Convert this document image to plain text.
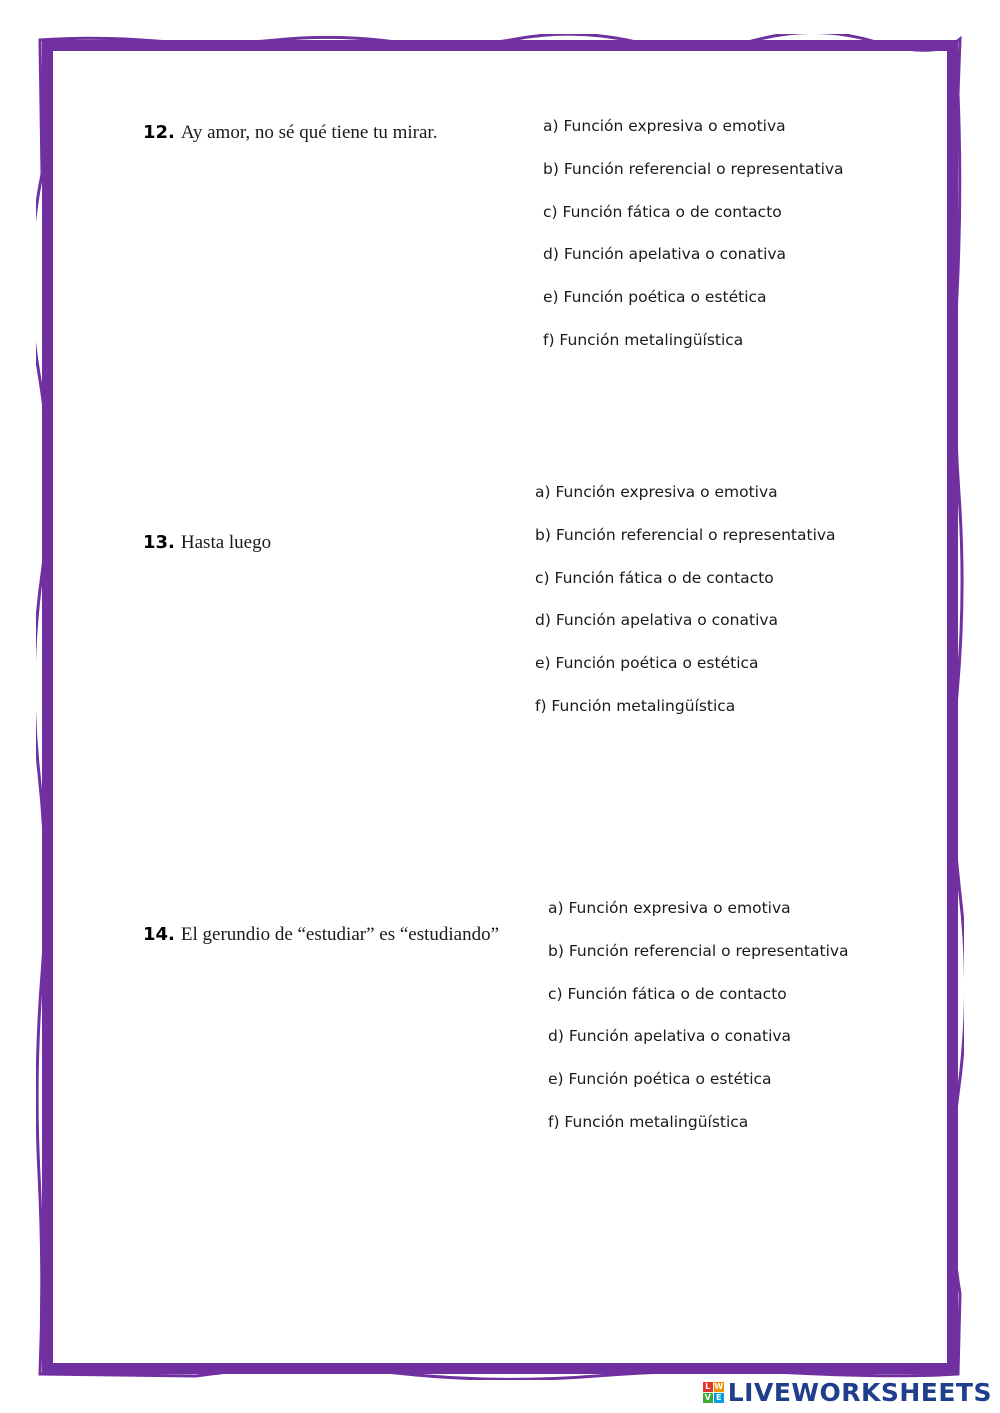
12. Ay amor, no sé qué tiene tu mirar.	a) Función expresiva o emotiva
b) Función referencial o representativa
c) Función fática o de contacto
d) Función apelativa o conativa
e) Función poética o estética
f) Función metalingüística
13. Hasta luego
a) Función expresiva o emotiva
b) Función referencial o representativa
c) Función fática o de contacto
d) Función apelativa o conativa
e) Función poética o estética
f) Función metalingüística
14. El gerundio de “estudiar” es “estudiando”
a) Función expresiva o emotiva
b) Función referencial o representativa
c) Función fática o de contacto
d) Función apelativa o conativa
e) Función poética o estética
f) Función metalingüística
L W
V E LIVEWORKSHEETS
